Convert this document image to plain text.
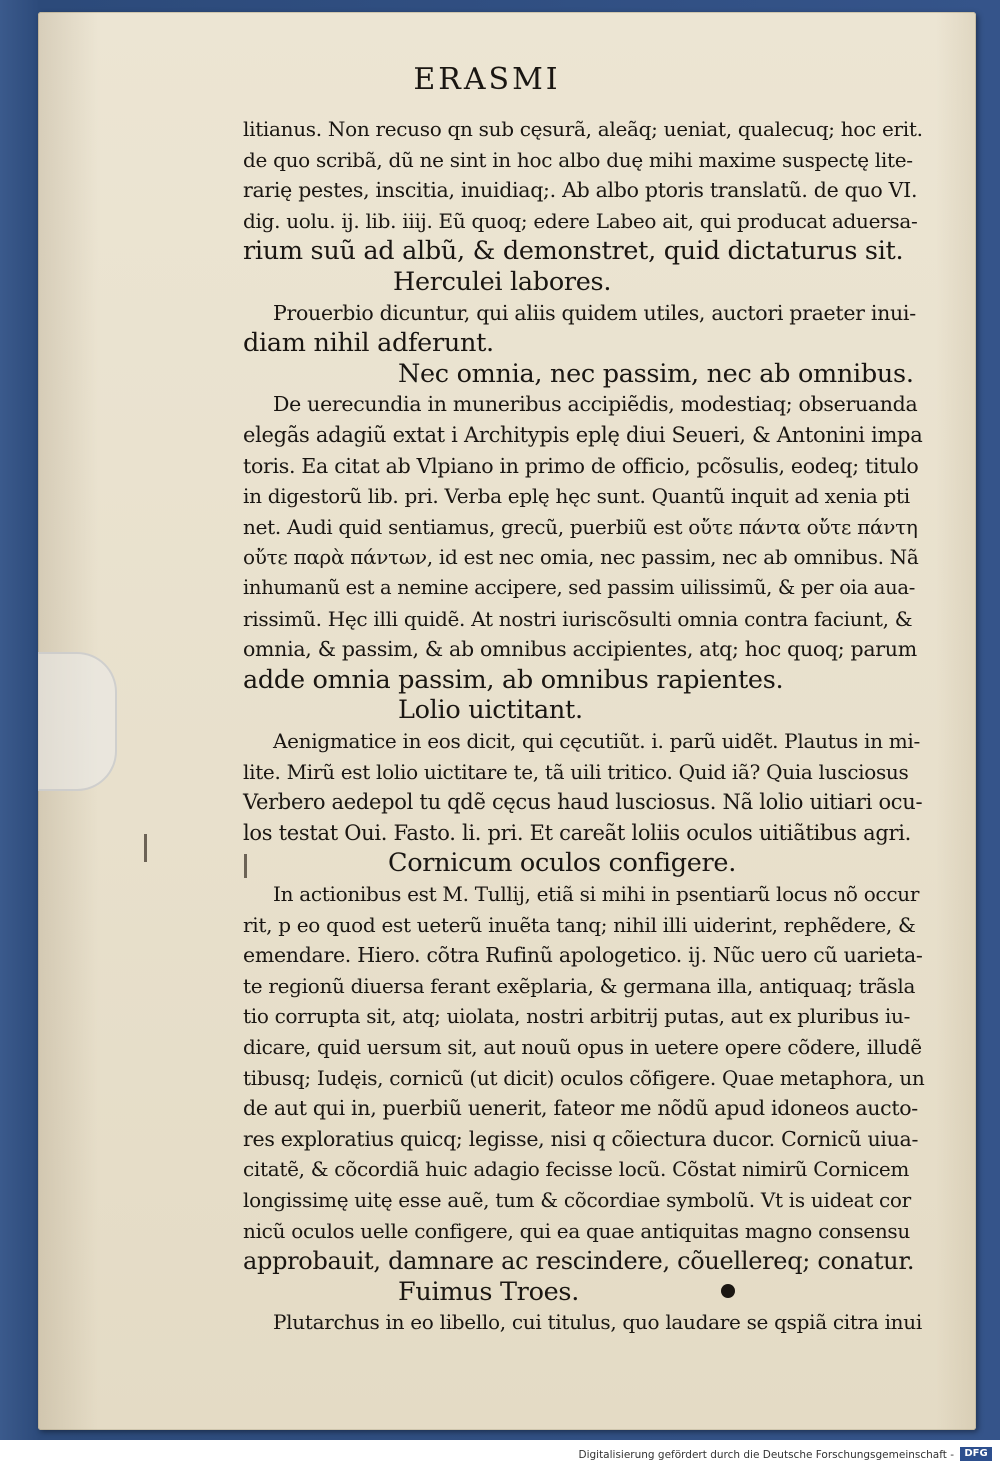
ERASMI
litianus. Non recuso qn sub cęsurã, aleãq; ueniat, qualecuq; hoc erit.
de quo scribã, dũ ne sint in hoc albo duę mihi maxime suspectę lite-
rarię pestes, inscitia, inuidiaq;. Ab albo ptoris translatũ. de quo VI.
dig. uolu. ij. lib. iiij. Eũ quoq; edere Labeo ait, qui producat aduersa-
rium suũ ad albũ, & demonstret, quid dictaturus sit.
Herculei labores.
Prouerbio dicuntur, qui aliis quidem utiles, auctori praeter inui-
diam nihil adferunt.
Nec omnia, nec passim, nec ab omnibus.
De uerecundia in muneribus accipiẽdis, modestiaq; obseruanda
elegãs adagiũ extat i Architypis eplę diui Seueri, & Antonini impa
toris. Ea citat ab Vlpiano in primo de officio, pcõsulis, eodeq; titulo
in digestorũ lib. pri. Verba eplę hęc sunt. Quantũ inquit ad xenia pti
net. Audi quid sentiamus, grecũ, puerbiũ est οὔτε πάντα οὔτε πάντη
οὔτε παρὰ πάντων, id est nec omia, nec passim, nec ab omnibus. Nã
inhumanũ est a nemine accipere, sed passim uilissimũ, & per oia aua-
rissimũ. Hęc illi quidẽ. At nostri iuriscõsulti omnia contra faciunt, &
omnia, & passim, & ab omnibus accipientes, atq; hoc quoq; parum
adde omnia passim, ab omnibus rapientes.
Lolio uictitant.
Aenigmatice in eos dicit, qui cęcutiũt. i. parũ uidẽt. Plautus in mi-
lite. Mirũ est lolio uictitare te, tã uili tritico. Quid iã? Quia lusciosus
Verbero aedepol tu qdẽ cęcus haud lusciosus. Nã lolio uitiari ocu-
los testat Oui. Fasto. li. pri. Et careãt loliis oculos uitiãtibus agri.
Cornicum oculos configere.
In actionibus est M. Tullij, etiã si mihi in psentiarũ locus nõ occur
rit, p eo quod est ueterũ inuẽta tanq; nihil illi uiderint, rephẽdere, &
emendare. Hiero. cõtra Rufinũ apologetico. ij. Nũc uero cũ uarieta-
te regionũ diuersa ferant exẽplaria, & germana illa, antiquaq; trãsla
tio corrupta sit, atq; uiolata, nostri arbitrij putas, aut ex pluribus iu-
dicare, quid uersum sit, aut nouũ opus in uetere opere cõdere, illudẽ
tibusq; Iudęis, cornicũ (ut dicit) oculos cõfigere. Quae metaphora, un
de aut qui in, puerbiũ uenerit, fateor me nõdũ apud idoneos aucto-
res exploratius quicq; legisse, nisi q cõiectura ducor. Cornicũ uiua-
citatẽ, & cõcordiã huic adagio fecisse locũ. Cõstat nimirũ Cornicem
longissimę uitę esse auẽ, tum & cõcordiae symbolũ. Vt is uideat cor
nicũ oculos uelle configere, qui ea quae antiquitas magno consensu
approbauit, damnare ac rescindere, cõuellereq; conatur.
Fuimus Troes.
Plutarchus in eo libello, cui titulus, quo laudare se qspiã citra inui
Digitalisierung gefördert durch die Deutsche Forschungsgemeinschaft -	DFG
